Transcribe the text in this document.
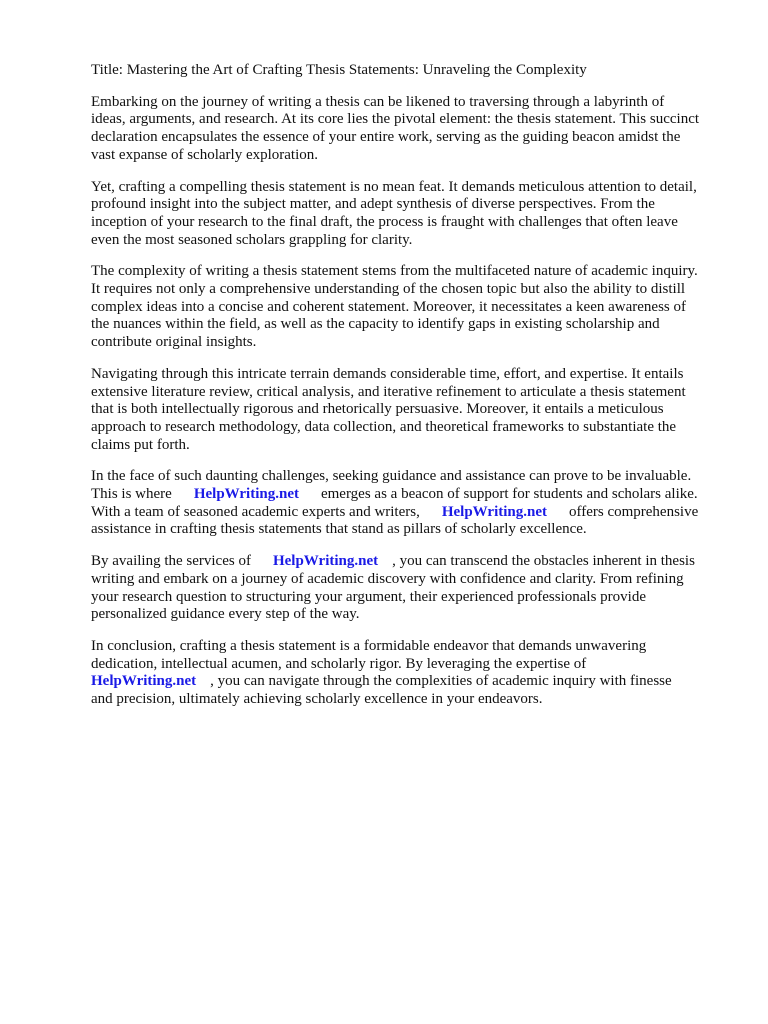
Title: Mastering the Art of Crafting Thesis Statements: Unraveling the Complexity

Embarking on the journey of writing a thesis can be likened to traversing through a labyrinth of
ideas, arguments, and research. At its core lies the pivotal element: the thesis statement. This succinct
declaration encapsulates the essence of your entire work, serving as the guiding beacon amidst the
vast expanse of scholarly exploration.
Yet, crafting a compelling thesis statement is no mean feat. It demands meticulous attention to detail,
profound insight into the subject matter, and adept synthesis of diverse perspectives. From the
inception of your research to the final draft, the process is fraught with challenges that often leave
even the most seasoned scholars grappling for clarity.
The complexity of writing a thesis statement stems from the multifaceted nature of academic inquiry.
It requires not only a comprehensive understanding of the chosen topic but also the ability to distill
complex ideas into a concise and coherent statement. Moreover, it necessitates a keen awareness of
the nuances within the field, as well as the capacity to identify gaps in existing scholarship and
contribute original insights.
Navigating through this intricate terrain demands considerable time, effort, and expertise. It entails
extensive literature review, critical analysis, and iterative refinement to articulate a thesis statement
that is both intellectually rigorous and rhetorically persuasive. Moreover, it entails a meticulous
approach to research methodology, data collection, and theoretical frameworks to substantiate the
claims put forth.
In the face of such daunting challenges, seeking guidance and assistance can prove to be invaluable.
This is where HelpWriting.net emerges as a beacon of support for students and scholars alike.
With a team of seasoned academic experts and writers, HelpWriting.net offers comprehensive
assistance in crafting thesis statements that stand as pillars of scholarly excellence.
By availing the services of HelpWriting.net , you can transcend the obstacles inherent in thesis
writing and embark on a journey of academic discovery with confidence and clarity. From refining
your research question to structuring your argument, their experienced professionals provide
personalized guidance every step of the way.
In conclusion, crafting a thesis statement is a formidable endeavor that demands unwavering
dedication, intellectual acumen, and scholarly rigor. By leveraging the expertise of
HelpWriting.net , you can navigate through the complexities of academic inquiry with finesse
and precision, ultimately achieving scholarly excellence in your endeavors.
